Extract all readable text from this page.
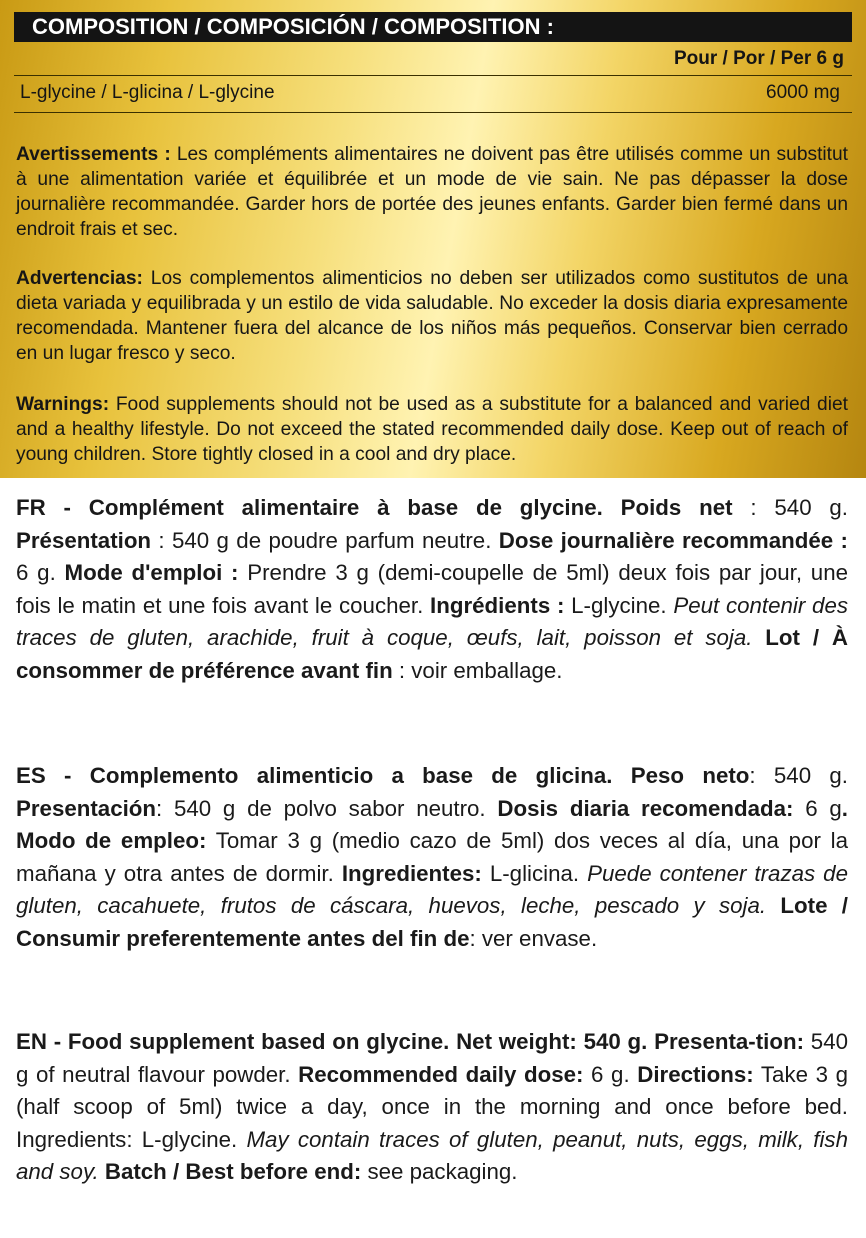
COMPOSITION / COMPOSICIÓN / COMPOSITION :
Pour / Por / Per 6 g
L-glycine / L-glicina / L-glycine	6000 mg
Avertissements : Les compléments alimentaires ne doivent pas être utilisés comme un substitut à une alimentation variée et équilibrée et un mode de vie sain. Ne pas dépasser la dose journalière recommandée. Garder hors de portée des jeunes enfants. Garder bien fermé dans un endroit frais et sec.
Advertencias: Los complementos alimenticios no deben ser utilizados como sustitutos de una dieta variada y equilibrada y un estilo de vida saludable. No exceder la dosis diaria expresamente recomendada. Mantener fuera del alcance de los niños más pequeños. Conservar bien cerrado en un lugar fresco y seco.
Warnings: Food supplements should not be used as a substitute for a balanced and varied diet and a healthy lifestyle. Do not exceed the stated recommended daily dose. Keep out of reach of young children. Store tightly closed in a cool and dry place.
FR - Complément alimentaire à base de glycine. Poids net : 540 g. Présentation : 540 g de poudre parfum neutre. Dose journalière recommandée : 6 g. Mode d'emploi : Prendre 3 g (demi-coupelle de 5ml) deux fois par jour, une fois le matin et une fois avant le coucher. Ingrédients : L-glycine. Peut contenir des traces de gluten, arachide, fruit à coque, œufs, lait, poisson et soja. Lot / À consommer de préférence avant fin : voir emballage.
ES - Complemento alimenticio a base de glicina. Peso neto: 540 g. Presentación: 540 g de polvo sabor neutro. Dosis diaria recomendada: 6 g. Modo de empleo: Tomar 3 g (medio cazo de 5ml) dos veces al día, una por la mañana y otra antes de dormir. Ingredientes: L-glicina. Puede contener trazas de gluten, cacahuete, frutos de cáscara, huevos, leche, pescado y soja. Lote / Consumir preferentemente antes del fin de: ver envase.
EN - Food supplement based on glycine. Net weight: 540 g. Presenta-tion: 540 g of neutral flavour powder. Recommended daily dose: 6 g. Directions: Take 3 g (half scoop of 5ml) twice a day, once in the morning and once before bed. Ingredients: L-glycine. May contain traces of gluten, peanut, nuts, eggs, milk, fish and soy. Batch / Best before end: see packaging.
